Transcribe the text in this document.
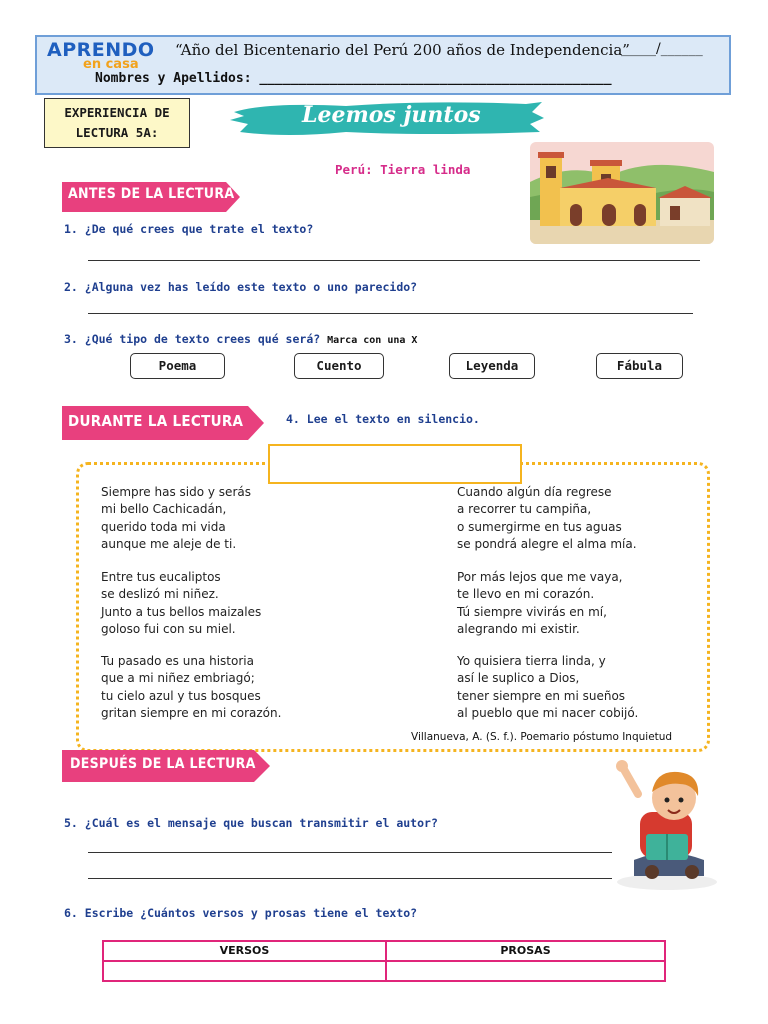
APRENDO
en casa
“Año del Bicentenario del Perú 200 años de Independencia”
_____/______
Nombres y Apellidos: _____________________________________________
EXPERIENCIA DE
LECTURA 5A:
Leemos juntos
Perú: Tierra linda
ANTES DE LA LECTURA
1. ¿De qué crees que trate el texto?
2. ¿Alguna vez has leído este texto o uno parecido?
3. ¿Qué tipo de texto crees qué será? Marca con una X
Poema	Cuento	Leyenda	Fábula
DURANTE LA LECTURA	4. Lee el texto en silencio.
Siempre has sido y serás
mi bello Cachicadán,
querido toda mi vida
aunque me aleje de ti.
Entre tus eucaliptos
se deslizó mi niñez.
Junto a tus bellos maizales
goloso fui con su miel.
Tu pasado es una historia
que a mi niñez embriagó;
tu cielo azul y tus bosques
gritan siempre en mi corazón.
Cuando algún día regrese
a recorrer tu campiña,
o sumergirme en tus aguas
se pondrá alegre el alma mía.
Por más lejos que me vaya,
te llevo en mi corazón.
Tú siempre vivirás en mí,
alegrando mi existir.
Yo quisiera tierra linda, y
así le suplico a Dios,
tener siempre en mi sueños
al pueblo que mi nacer cobijó.
Villanueva, A. (S. f.). Poemario póstumo Inquietud
DESPUÉS DE LA LECTURA
5. ¿Cuál es el mensaje que buscan transmitir el autor?
6. Escribe ¿Cuántos versos y prosas tiene el texto?
VERSOS	PROSAS
